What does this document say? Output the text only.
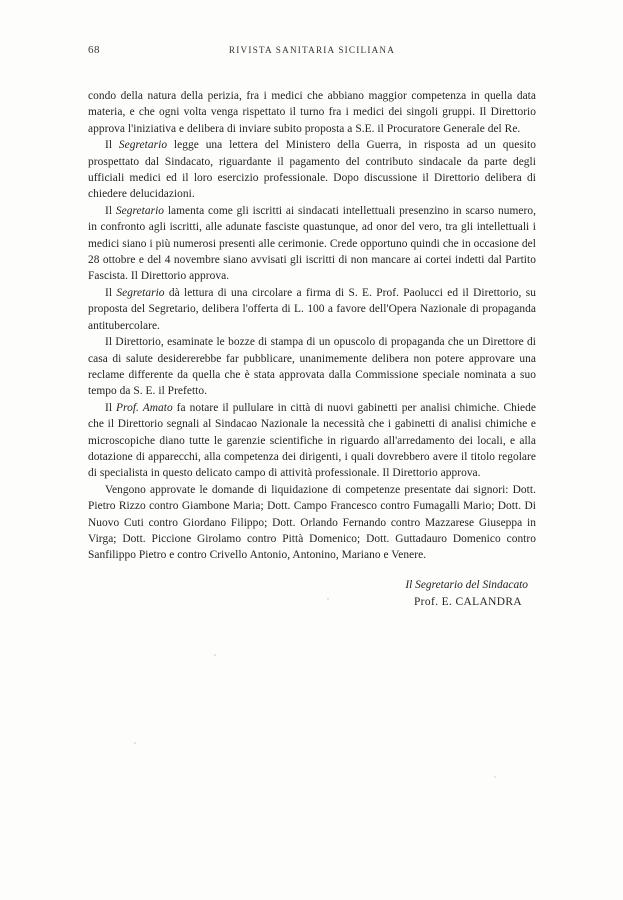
68	RIVISTA SANITARIA SICILIANA

condo della natura della perizia, fra i medici che abbiano maggior competenza in quella data materia, e che ogni volta venga rispettato il turno fra i medici dei singoli gruppi. Il Direttorio approva l'iniziativa e delibera di inviare subito proposta a S.E. il Procuratore Generale del Re.

Il Segretario legge una lettera del Ministero della Guerra, in risposta ad un quesito prospettato dal Sindacato, riguardante il pagamento del contributo sindacale da parte degli ufficiali medici ed il loro esercizio professionale. Dopo discussione il Direttorio delibera di chiedere delucidazioni.

Il Segretario lamenta come gli iscritti ai sindacati intellettuali presenzino in scarso numero, in confronto agli iscritti, alle adunate fasciste quastunque, ad onor del vero, tra gli intellettuali i medici siano i più numerosi presenti alle cerimonie. Crede opportuno quindi che in occasione del 28 ottobre e del 4 novembre siano avvisati gli iscritti di non mancare ai cortei indetti dal Partito Fascista. Il Direttorio approva.

Il Segretario dà lettura di una circolare a firma di S. E. Prof. Paolucci ed il Direttorio, su proposta del Segretario, delibera l'offerta di L. 100 a favore dell'Opera Nazionale di propaganda antitubercolare.

Il Direttorio, esaminate le bozze di stampa di un opuscolo di propaganda che un Direttore di casa di salute desidererebbe far pubblicare, unanimemente delibera non potere approvare una reclame differente da quella che è stata approvata dalla Commissione speciale nominata a suo tempo da S. E. il Prefetto.

Il Prof. Amato fa notare il pullulare in città di nuovi gabinetti per analisi chimiche. Chiede che il Direttorio segnali al Sindacao Nazionale la necessità che i gabinetti di analisi chimiche e microscopiche diano tutte le garenzie scientifiche in riguardo all'arredamento dei locali, e alla dotazione di apparecchi, alla competenza dei dirigenti, i quali dovrebbero avere il titolo regolare di specialista in questo delicato campo di attività professionale. Il Direttorio approva.

Vengono approvate le domande di liquidazione di competenze presentate dai signori: Dott. Pietro Rizzo contro Giambone Maria; Dott. Campo Francesco contro Fumagalli Mario; Dott. Di Nuovo Cuti contro Giordano Filippo; Dott. Orlando Fernando contro Mazzarese Giuseppa in Virga; Dott. Piccione Girolamo contro Pittà Domenico; Dott. Guttadauro Domenico contro Sanfilippo Pietro e contro Crivello Antonio, Antonino, Mariano e Venere.

Il Segretario del Sindacato
Prof. E. CALANDRA
